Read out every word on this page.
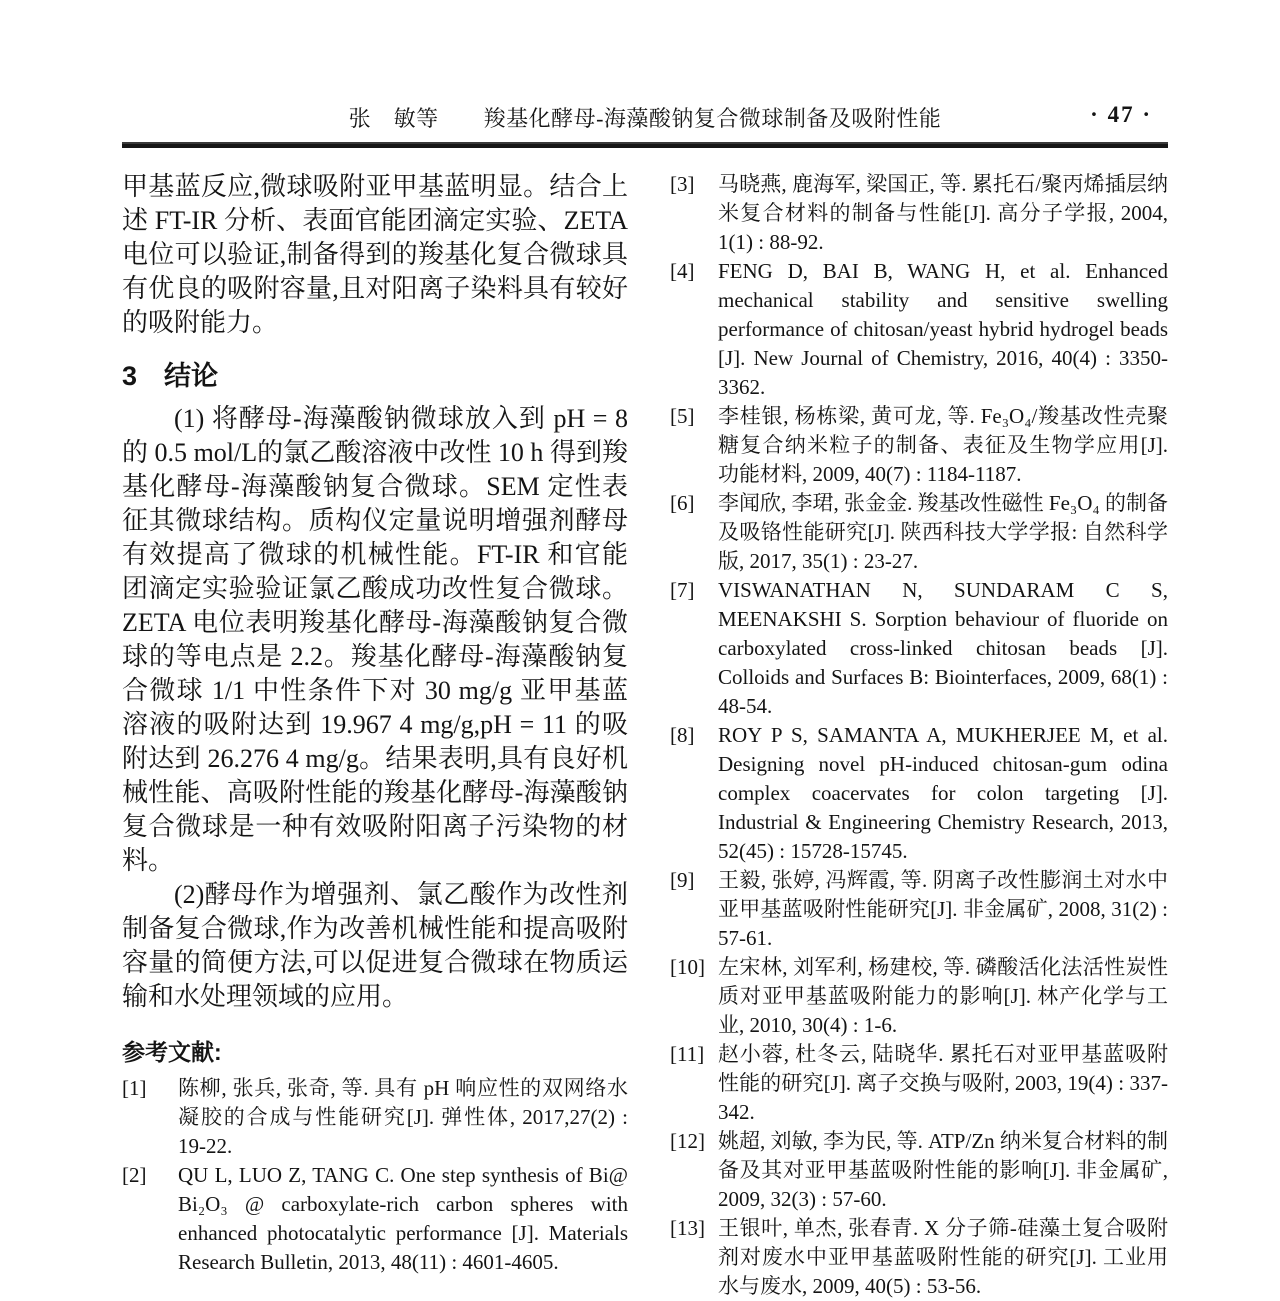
张　敏等　　羧基化酵母-海藻酸钠复合微球制备及吸附性能	· 47 ·

甲基蓝反应,微球吸附亚甲基蓝明显。结合上述 FT-IR 分析、表面官能团滴定实验、ZETA 电位可以验证,制备得到的羧基化复合微球具有优良的吸附容量,且对阳离子染料具有较好的吸附能力。

3　结论

(1) 将酵母-海藻酸钠微球放入到 pH = 8 的 0.5 mol/L的氯乙酸溶液中改性 10 h 得到羧基化酵母-海藻酸钠复合微球。SEM 定性表征其微球结构。质构仪定量说明增强剂酵母有效提高了微球的机械性能。FT-IR 和官能团滴定实验验证氯乙酸成功改性复合微球。ZETA 电位表明羧基化酵母-海藻酸钠复合微球的等电点是 2.2。羧基化酵母-海藻酸钠复合微球 1/1 中性条件下对 30 mg/g 亚甲基蓝溶液的吸附达到 19.967 4 mg/g,pH = 11 的吸附达到 26.276 4 mg/g。结果表明,具有良好机械性能、高吸附性能的羧基化酵母-海藻酸钠复合微球是一种有效吸附阳离子污染物的材料。

(2)酵母作为增强剂、氯乙酸作为改性剂制备复合微球,作为改善机械性能和提高吸附容量的简便方法,可以促进复合微球在物质运输和水处理领域的应用。

参考文献:
[1]	陈柳, 张兵, 张奇, 等. 具有 pH 响应性的双网络水凝胶的合成与性能研究[J]. 弹性体, 2017,27(2) : 19-22.
[2]	QU L, LUO Z, TANG C. One step synthesis of Bi@ Bi₂O₃ @ carboxylate-rich carbon spheres with enhanced photocatalytic performance [J]. Materials Research Bulletin, 2013, 48(11) : 4601-4605.
[3]	马晓燕, 鹿海军, 梁国正, 等. 累托石/聚丙烯插层纳米复合材料的制备与性能[J]. 高分子学报, 2004, 1(1) : 88-92.
[4]	FENG D, BAI B, WANG H, et al. Enhanced mechanical stability and sensitive swelling performance of chitosan/yeast hybrid hydrogel beads [J]. New Journal of Chemistry, 2016, 40(4) : 3350-3362.
[5]	李桂银, 杨栋梁, 黄可龙, 等. Fe₃O₄/羧基改性壳聚糖复合纳米粒子的制备、表征及生物学应用[J]. 功能材料, 2009, 40(7) : 1184-1187.
[6]	李闻欣, 李珺, 张金金. 羧基改性磁性 Fe₃O₄ 的制备及吸铬性能研究[J]. 陕西科技大学学报: 自然科学版, 2017, 35(1) : 23-27.
[7]	VISWANATHAN N, SUNDARAM C S, MEENAKSHI S. Sorption behaviour of fluoride on carboxylated cross-linked chitosan beads [J]. Colloids and Surfaces B: Biointerfaces, 2009, 68(1) : 48-54.
[8]	ROY P S, SAMANTA A, MUKHERJEE M, et al. Designing novel pH-induced chitosan-gum odina complex coacervates for colon targeting [J]. Industrial & Engineering Chemistry Research, 2013, 52(45) : 15728-15745.
[9]	王毅, 张婷, 冯辉霞, 等. 阴离子改性膨润土对水中亚甲基蓝吸附性能研究[J]. 非金属矿, 2008, 31(2) : 57-61.
[10] 左宋林, 刘军利, 杨建校, 等. 磷酸活化法活性炭性质对亚甲基蓝吸附能力的影响[J]. 林产化学与工业, 2010, 30(4) : 1-6.
[11] 赵小蓉, 杜冬云, 陆晓华. 累托石对亚甲基蓝吸附性能的研究[J]. 离子交换与吸附, 2003, 19(4) : 337-342.
[12] 姚超, 刘敏, 李为民, 等. ATP/Zn 纳米复合材料的制备及其对亚甲基蓝吸附性能的影响[J]. 非金属矿, 2009, 32(3) : 57-60.
[13] 王银叶, 单杰, 张春青. X 分子筛-硅藻土复合吸附剂对废水中亚甲基蓝吸附性能的研究[J]. 工业用水与废水, 2009, 40(5) : 53-56.
